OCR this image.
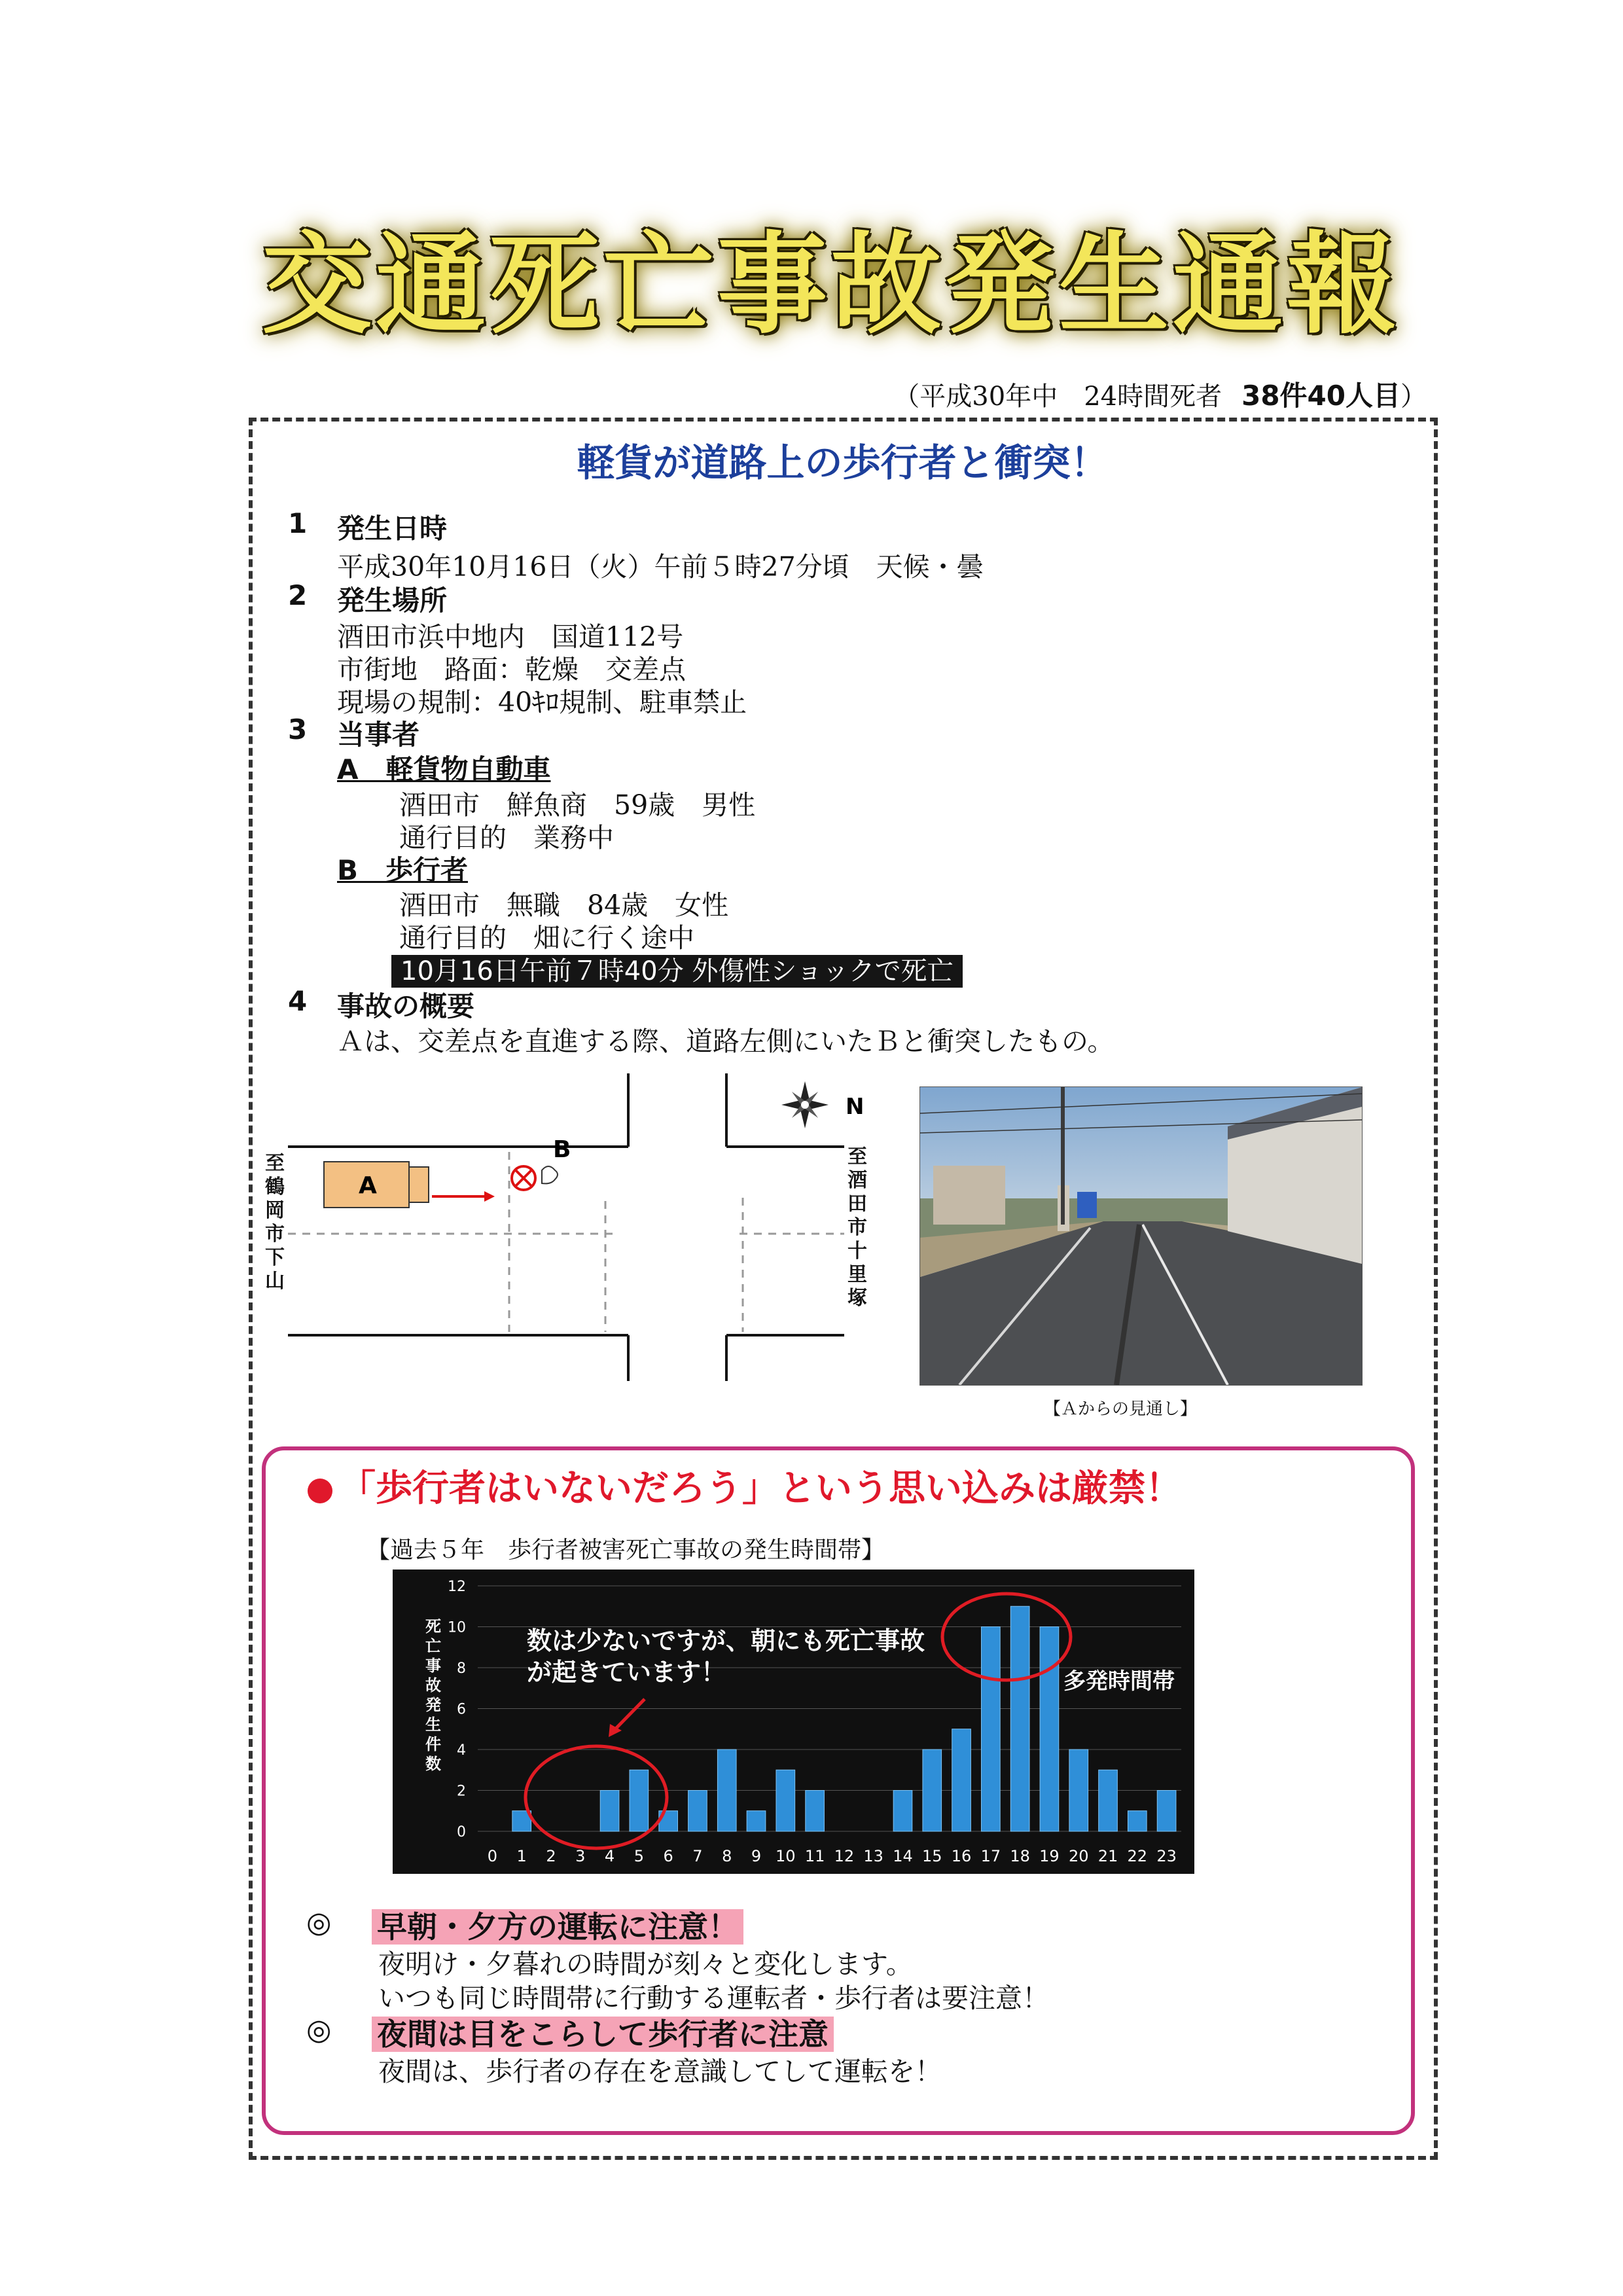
交通死亡事故発生通報
（平成30年中　24時間死者 38件40人目）
軽貨が道路上の歩行者と衝突！
1 発生日時
平成30年10月16日（火）午前５時27分頃　天候・曇
2 発生場所
酒田市浜中地内　国道112号
市街地　路面：乾燥　交差点
現場の規制：40ｷﾛ規制、駐車禁止
3 当事者
A　軽貨物自動車
酒田市　鮮魚商　59歳　男性
通行目的　業務中
B　歩行者
酒田市　無職　84歳　女性
通行目的　畑に行く途中
10月16日午前７時40分 外傷性ショックで死亡
4 事故の概要
Ａは、交差点を直進する際、道路左側にいたＢと衝突したもの。
A
B
N
至鶴岡市下山
至酒田市十里塚
【Ａからの見通し】
「歩行者はいないだろう」という思い込みは厳禁！
【過去５年　歩行者被害死亡事故の発生時間帯】
0 1 2 3 4 5 6 7 8 9 10 11 12 13 14 15 16 17 18 19 20 21 22 23
0
2
4
6
8
10
12
死亡事故発生件数
数は少ないですが、朝にも死亡事故
が起きています！	多発時間帯
◎ 早朝・夕方の運転に注意！
夜明け・夕暮れの時間が刻々と変化します。
いつも同じ時間帯に行動する運転者・歩行者は要注意！
◎ 夜間は目をこらして歩行者に注意
夜間は、歩行者の存在を意識してして運転を！
